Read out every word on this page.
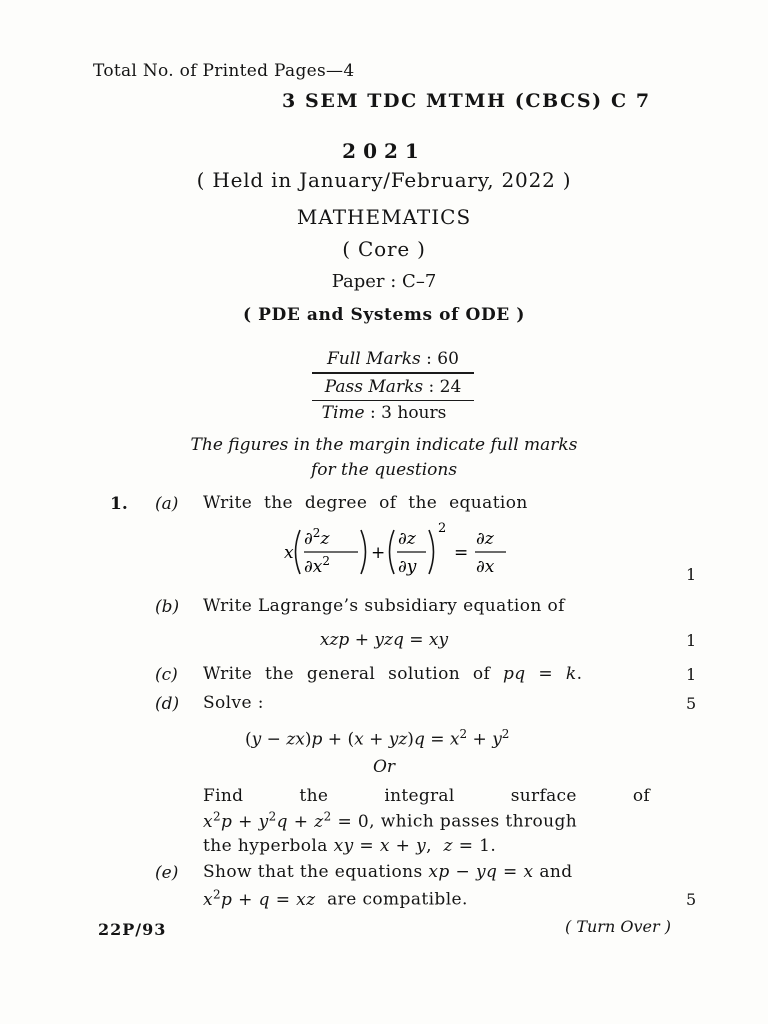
Total No. of Printed Pages—4
3 SEM TDC MTMH (CBCS) C 7
2021
( Held in January/February, 2022 )
MATHEMATICS
( Core )
Paper : C–7
( PDE and Systems of ODE )
Full Marks : 60
Pass Marks : 24
Time : 3 hours
The figures in the margin indicate full marks
for the questions
1. (a) Write the degree of the equation
x
∂$^2$z
$\partial x^2$ +
∂z
∂y
2
=
∂z
∂x	1
(b) Write Lagrange’s subsidiary equation of
xzp + yzq = xy	1
(c) Write the general solution of pq = k.	1
(d) Solve :	5
$(y - zx)p + (x + yz)q = x^2 + y^2$
Or
Find the integral surface of
$x^2p + y^2q + z^2 = 0$, which passes through
the hyperbola xy = x + y,  z = 1.
(e) Show that the equations xp − yq = x and
$x^2p + q$ = xz are compatible.	5
22P/93	( Turn Over )
